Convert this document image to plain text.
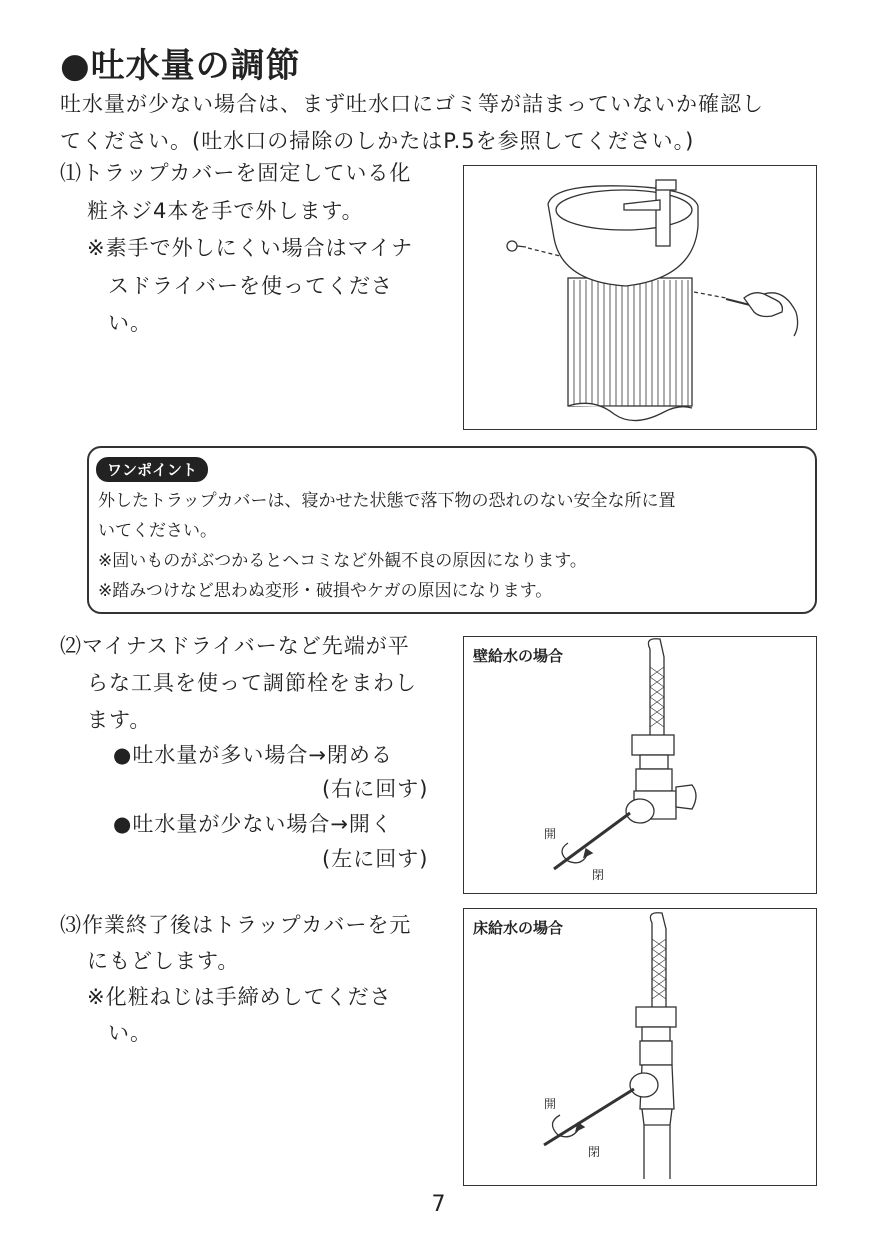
●吐水量の調節
吐水量が少ない場合は、まず吐水口にゴミ等が詰まっていないか確認し
てください。(吐水口の掃除のしかたはP.5を参照してください。)
⑴トラップカバーを固定している化
粧ネジ4本を手で外します。
※素手で外しにくい場合はマイナ
スドライバーを使ってくださ
い。
ワンポイント
外したトラップカバーは、寝かせた状態で落下物の恐れのない安全な所に置
いてください。
※固いものがぶつかるとヘコミなど外観不良の原因になります。
※踏みつけなど思わぬ変形・破損やケガの原因になります。
⑵マイナスドライバーなど先端が平
らな工具を使って調節栓をまわし
ます。
●吐水量が多い場合→閉める
(右に回す)
●吐水量が少ない場合→開く
(左に回す)
壁給水の場合
開
閉
⑶作業終了後はトラップカバーを元
にもどします。
※化粧ねじは手締めしてくださ
い。
床給水の場合
開
閉
7
